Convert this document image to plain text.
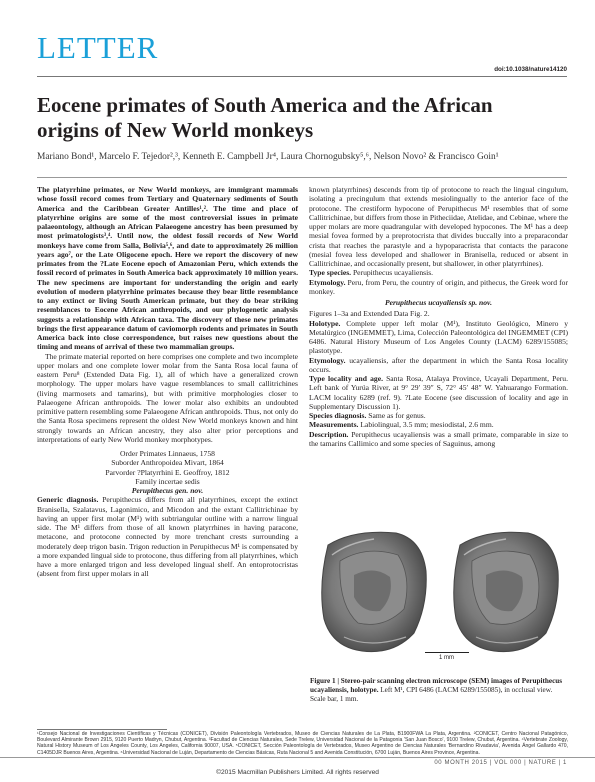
LETTER
doi:10.1038/nature14120
Eocene primates of South America and the African origins of New World monkeys
Mariano Bond¹, Marcelo F. Tejedor²,³, Kenneth E. Campbell Jr⁴, Laura Chornogubsky⁵,⁶, Nelson Novo² & Francisco Goin¹

The platyrrhine primates, or New World monkeys, are immigrant mammals whose fossil record comes from Tertiary and Quaternary sediments of South America and the Caribbean Greater Antilles¹,². The time and place of platyrrhine origins are some of the most controversial issues in primate palaeontology, although an African Palaeogene ancestry has been presumed by most primatologists³,⁴. Until now, the oldest fossil records of New World monkeys have come from Salla, Bolivia⁵,⁶, and date to approximately 26 million years ago⁷, or the Late Oligocene epoch. Here we report the discovery of new primates from the ?Late Eocene epoch of Amazonian Peru, which extends the fossil record of primates in South America back approximately 10 million years. The new specimens are important for understanding the origin and early evolution of modern platyrrhine primates because they bear little resemblance to any extinct or living South American primate, but they do bear striking resemblances to Eocene African anthropoids, and our phylogenetic analysis suggests a relationship with African taxa. The discovery of these new primates brings the first appearance datum of caviomorph rodents and primates in South America back into close correspondence, but raises new questions about the timing and means of arrival of these two mammalian groups.

The primate material reported on here comprises one complete and two incomplete upper molars and one complete lower molar from the Santa Rosa local fauna of eastern Peru⁸ (Extended Data Fig. 1), all of which have a generalized crown morphology. The upper molars have vague resemblances to small callitrichines (living marmosets and tamarins), but with primitive morphologies closer to Palaeogene African anthropoids. The lower molar also exhibits an undoubted primitive pattern resembling some Palaeogene African anthropoids. Thus, not only do the Santa Rosa specimens represent the oldest New World monkeys known and hint strongly towards an African ancestry, they also alter prior perceptions and interpretations of early New World monkey morphotypes.

Order Primates Linnaeus, 1758
Suborder Anthropoidea Mivart, 1864
Parvorder ?Platyrrhini E. Geoffroy, 1812
Family incertae sedis
Perupithecus gen. nov.

Generic diagnosis. Perupithecus differs from all platyrrhines, except the extinct Branisella, Szalatavus, Lagonimico, and Micodon and the extant Callitrichinae by having an upper first molar (M¹) with subtriangular outline with a narrow lingual side. The M¹ differs from those of all known platyrrhines in having paracone, metacone, and protocone connected by more trenchant crests surrounding a moderately deep trigon basin. Trigon reduction in Perupithecus M¹ is compensated by a more expanded lingual side to protocone, thus differing from all platyrrhines, which have a more enlarged trigon and less developed lingual shelf. An entoprotocristas (absent from first upper molars in all

known platyrrhines) descends from tip of protocone to reach the lingual cingulum, isolating a precingulum that extends mesiolingually to the anterior face of the protocone. The crestiform hypocone of Perupithecus M¹ resembles that of some Callitrichinae, but differs from those in Pitheciidae, Atelidae, and Cebinae, where the upper molars are more quadrangular with developed hypocones. The M¹ has a deep mesial fovea formed by a preprotocrista that divides buccally into a preparacondar crista that reaches the parastyle and a hypoparacrista that contacts the paracone (mesial fovea less developed and shallower in Branisella, reduced or absent in Callitrichinae, and occasionally present, but shallower, in other platyrrhines).

Type species. Perupithecus ucayaliensis.

Etymology. Peru, from Peru, the country of origin, and pithecus, the Greek word for monkey.

Perupithecus ucayaliensis sp. nov.

Figures 1–3a and Extended Data Fig. 2.

Holotype. Complete upper left molar (M¹), Instituto Geológico, Minero y Metalúrgico (INGEMMET), Lima, Colección Paleontológica del INGEMMET (CPI) 6486. Natural History Museum of Los Angeles County (LACM) 6289/155085; plastotype.

Etymology. ucayaliensis, after the department in which the Santa Rosa locality occurs.

Type locality and age. Santa Rosa, Atalaya Province, Ucayali Department, Peru. Left bank of Yurúa River, at 9° 29′ 39″ S, 72° 45′ 48″ W. Yahuarango Formation. LACM locality 6289 (ref. 9). ?Late Eocene (see discussion of locality and age in Supplementary Discussion 1).

Species diagnosis. Same as for genus.

Measurements. Labiolingual, 3.5 mm; mesiodistal, 2.6 mm.

Description. Perupithecus ucayaliensis was a small primate, comparable in size to the tamarins Callimico and some species of Saguinus, among

1 mm
Figure 1 | Stereo-pair scanning electron microscope (SEM) images of Perupithecus ucayaliensis, holotype. Left M¹, CPI 6486 (LACM 6289/155085), in occlusal view. Scale bar, 1 mm.
¹Consejo Nacional de Investigaciones Científicas y Técnicas (CONICET), División Paleontología Vertebrados, Museo de Ciencias Naturales de La Plata, B1900FWA La Plata, Argentina. ²CONICET, Centro Nacional Patagónico, Boulevard Almirante Brown 2915, 9120 Puerto Madryn, Chubut, Argentina. ³Facultad de Ciencias Naturales, Sede Trelew, Universidad Nacional de la Patagonia 'San Juan Bosco', 9100 Trelew, Chubut, Argentina. ⁴Vertebrate Zoology, Natural History Museum of Los Angeles County, Los Angeles, California 90007, USA. ⁵CONICET, Sección Paleontología de Vertebrados, Museo Argentino de Ciencias Naturales 'Bernardino Rivadavia', Avenida Ángel Gallardo 470, C1405DJR Buenos Aires, Argentina. ⁶Universidad Nacional de Luján, Departamento de Ciencias Básicas, Ruta Nacional 5 and Avenida Constitución, 6700 Luján, Buenos Aires Province, Argentina.
00 MONTH 2015 | VOL 000 | NATURE | 1
©2015 Macmillan Publishers Limited. All rights reserved
